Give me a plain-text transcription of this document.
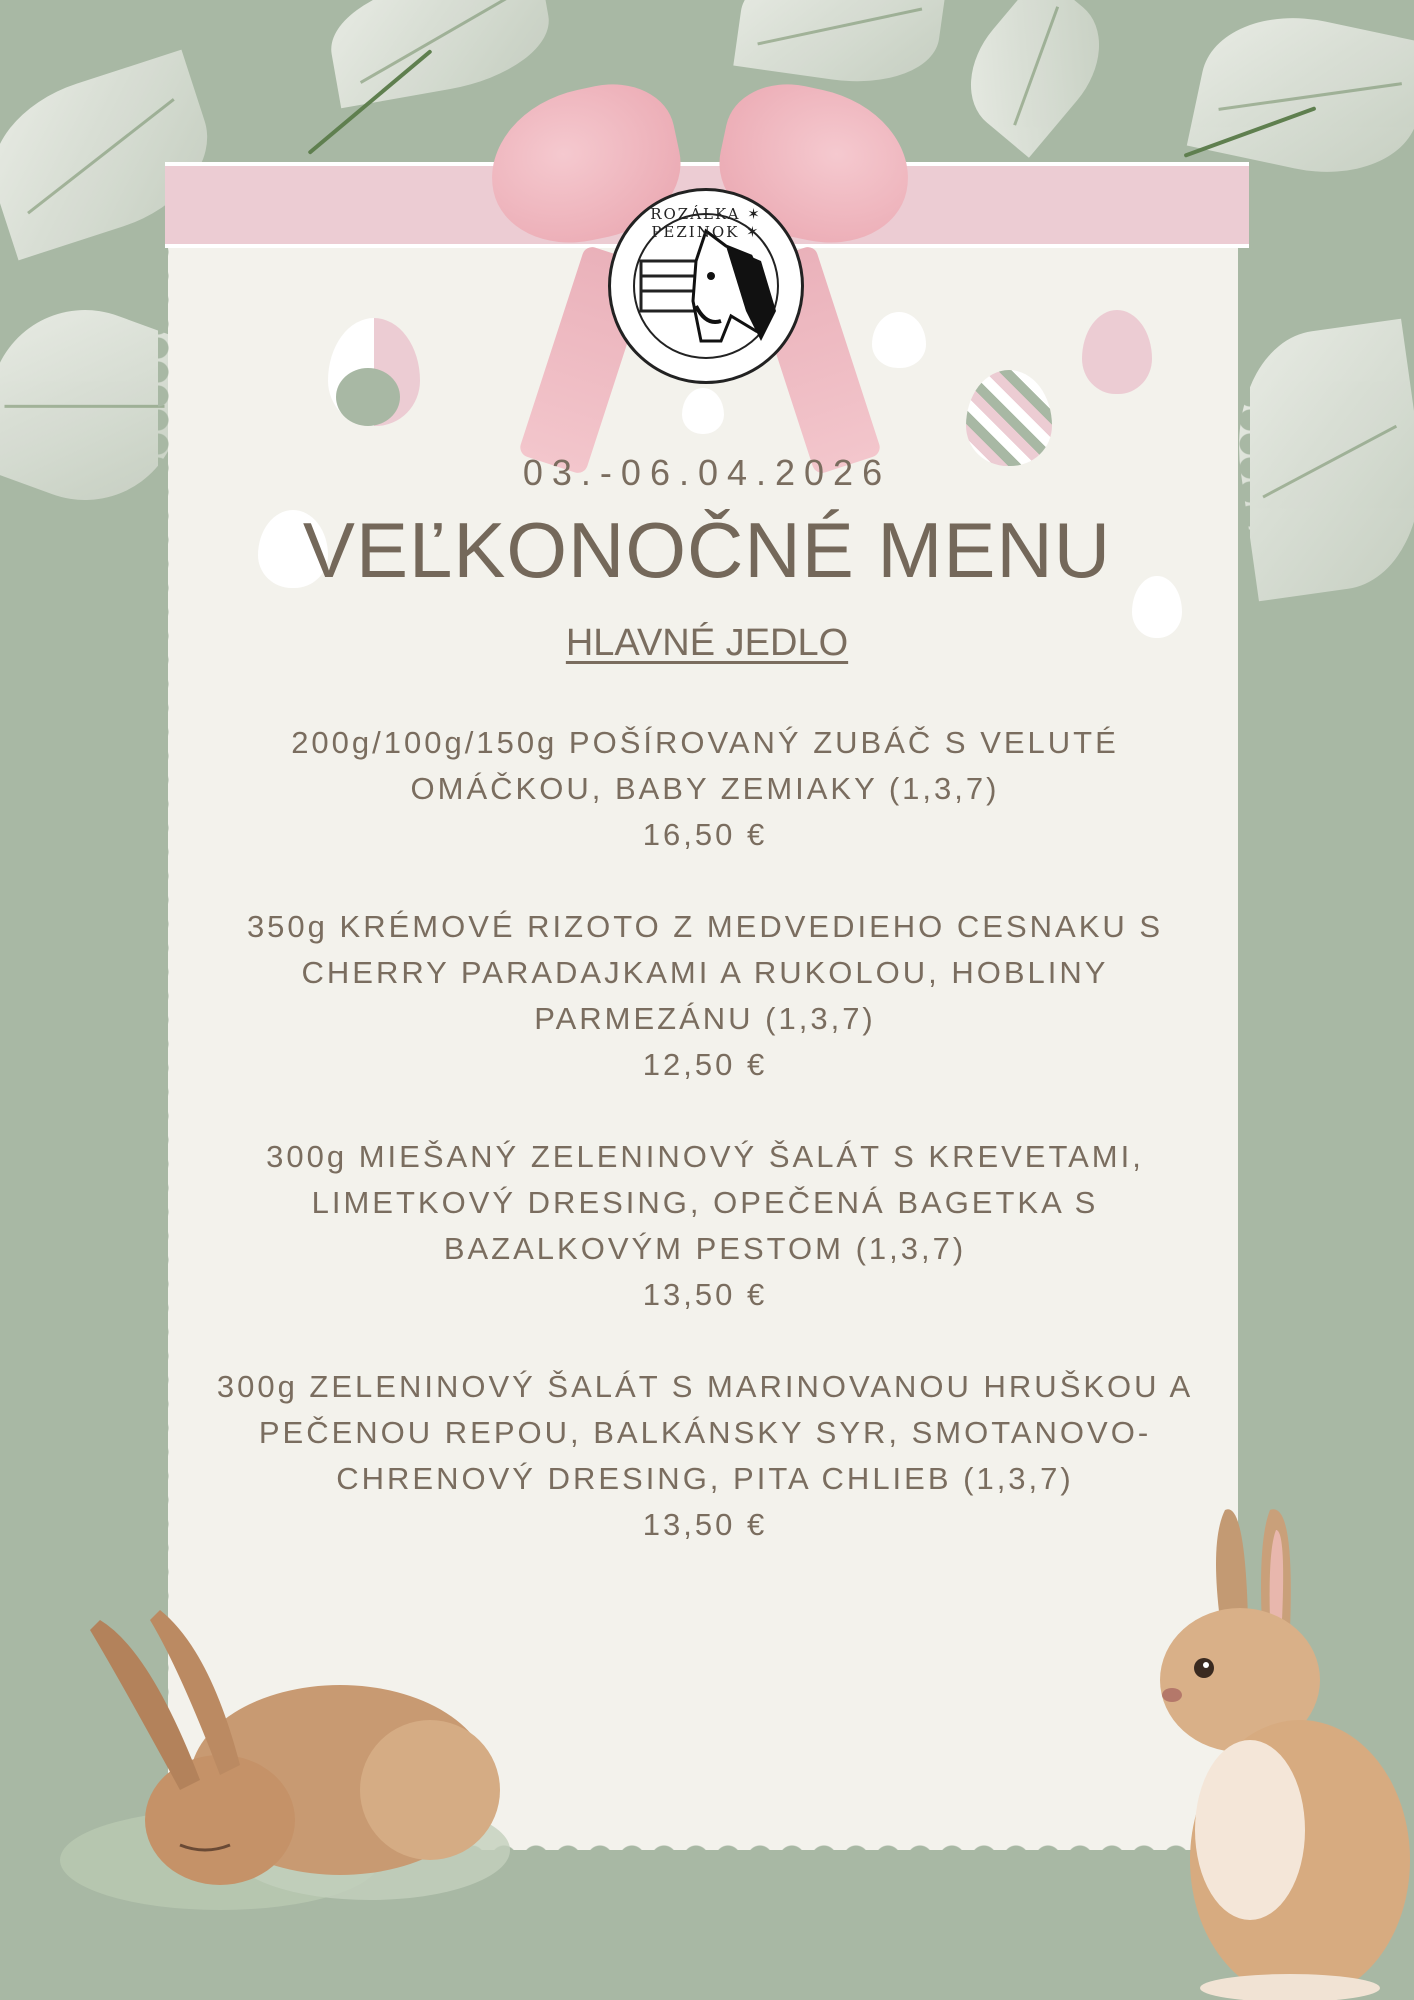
ROZÁLKA ✶ PEZINOK ✶
03.-06.04.2026
VEĽKONOČNÉ MENU
HLAVNÉ JEDLO
200g/100g/150g POŠÍROVANÝ ZUBÁČ S VELUTÉ OMÁČKOU, BABY ZEMIAKY (1,3,7)
16,50 €
350g KRÉMOVÉ RIZOTO Z MEDVEDIEHO CESNAKU S CHERRY PARADAJKAMI A RUKOLOU, HOBLINY PARMEZÁNU (1,3,7)
12,50 €
300g MIEŠANÝ ZELENINOVÝ ŠALÁT S KREVETAMI, LIMETKOVÝ DRESING, OPEČENÁ BAGETKA S BAZALKOVÝM PESTOM (1,3,7)
13,50 €
300g ZELENINOVÝ ŠALÁT S MARINOVANOU HRUŠKOU A PEČENOU REPOU, BALKÁNSKY SYR, SMOTANOVO-CHRENOVÝ DRESING, PITA CHLIEB (1,3,7)
13,50 €
